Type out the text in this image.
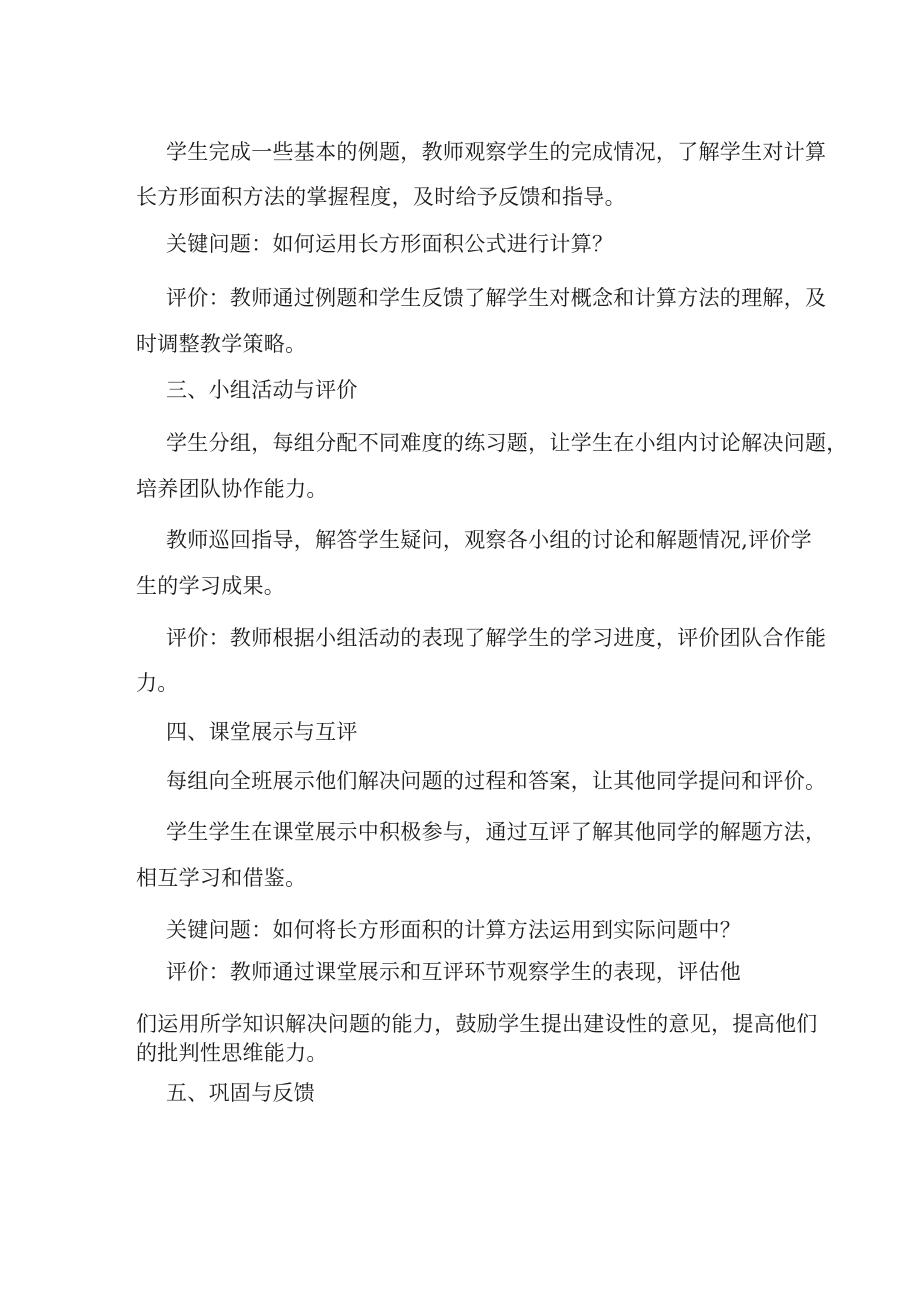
学生完成一些基本的例题，教师观察学生的完成情况，了解学生对计算
长方形面积方法的掌握程度，及时给予反馈和指导。
关键问题：如何运用长方形面积公式进行计算？
评价：教师通过例题和学生反馈了解学生对概念和计算方法的理解，及
时调整教学策略。
三、小组活动与评价
学生分组，每组分配不同难度的练习题，让学生在小组内讨论解决问题，
培养团队协作能力。
教师巡回指导，解答学生疑问，观察各小组的讨论和解题情况,评价学
生的学习成果。
评价：教师根据小组活动的表现了解学生的学习进度，评价团队合作能
力。
四、课堂展示与互评
每组向全班展示他们解决问题的过程和答案，让其他同学提问和评价。
学生学生在课堂展示中积极参与，通过互评了解其他同学的解题方法，
相互学习和借鉴。
关键问题：如何将长方形面积的计算方法运用到实际问题中？
评价：教师通过课堂展示和互评环节观察学生的表现，评估他
们运用所学知识解决问题的能力，鼓励学生提出建设性的意见，提高他们
的批判性思维能力。
五、巩固与反馈
